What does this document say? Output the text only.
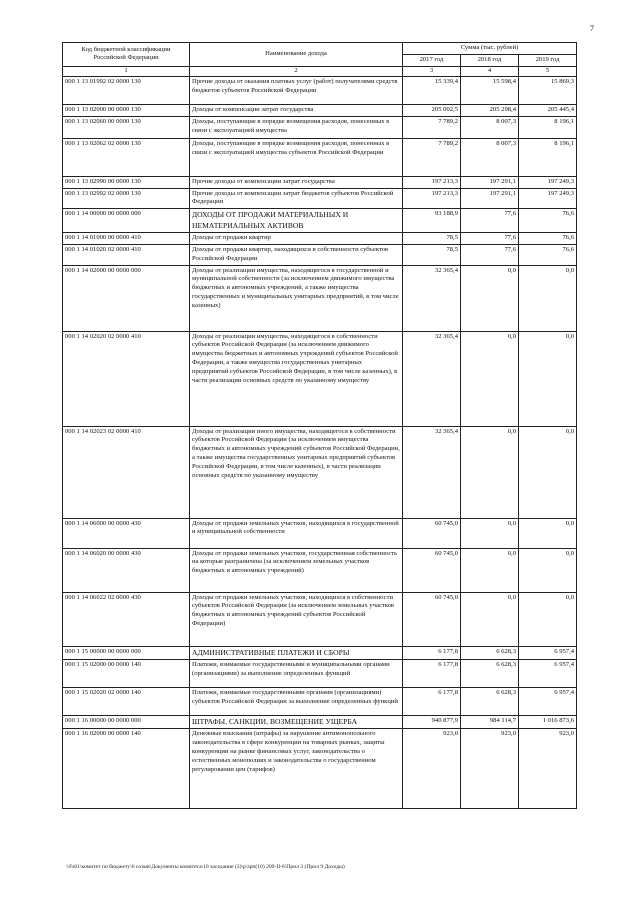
7
Код бюджетной классификации Российской Федерации	Наименование дохода	Сумма (тыс. рублей)		
		2017 год	2018 год	2019 год
1	2	3	4	5
000 1 13 01992 02 0000 130	Прочие доходы от оказания платных услуг (работ) получателями средств бюджетов субъектов Российской Федерации	15 339,4	15 598,4	15 869,3
000 1 13 02000 00 0000 130	Доходы от компенсации затрат государства	205 002,5	205 298,4	205 445,4
000 1 13 02060 00 0000 130	Доходы, поступающие в порядке возмещения расходов, понесенных в связи с эксплуатацией имущества	7 789,2	8 007,3	8 196,1
000 1 13 02062 02 0000 130	Доходы, поступающие в порядке возмещения расходов, понесенных в связи с эксплуатацией имущества субъектов Российской Федерации	7 789,2	8 007,3	8 196,1
000 1 13 02990 00 0000 130	Прочие доходы от компенсации затрат государства	197 213,3	197 291,1	197 249,3
000 1 13 02992 02 0000 130	Прочие доходы от компенсации затрат бюджетов субъектов Российской Федерации	197 213,3	197 291,1	197 249,3
000 1 14 00000 00 0000 000	ДОХОДЫ ОТ ПРОДАЖИ МАТЕРИАЛЬНЫХ И НЕМАТЕРИАЛЬНЫХ АКТИВОВ	93 188,9	77,6	76,6
000 1 14 01000 00 0000 410	Доходы от продажи квартир	78,5	77,6	76,6
000 1 14 01020 02 0000 410	Доходы от продажи квартир, находящихся в собственности субъектов Российской Федерации	78,5	77,6	76,6
000 1 14 02000 00 0000 000	Доходы от реализации имущества, находящегося в государственной и муниципальной собственности (за исключением движимого имущества бюджетных и автономных учреждений, а также имущества государственных и муниципальных унитарных предприятий, в том числе казенных)	32 365,4	0,0	0,0
000 1 14 02020 02 0000 410	Доходы от реализации имущества, находящегося в собственности субъектов Российской Федерации (за исключением движимого имущества бюджетных и автономных учреждений субъектов Российской Федерации, а также имущества государственных унитарных предприятий субъектов Российской Федерации, в том числе казенных), в части реализации основных средств по указанному имуществу	32 365,4	0,0	0,0
000 1 14 02023 02 0000 410	Доходы от реализации иного имущества, находящегося в собственности субъектов Российской Федерации (за исключением имущества бюджетных и автономных учреждений субъектов Российской Федерации, а также имущества государственных унитарных предприятий субъектов Российской Федерации, в том числе казенных), в части реализации основных средств по указанному имуществу	32 365,4	0,0	0,0
000 1 14 06000 00 0000 430	Доходы от продажи земельных участков, находящихся в государственной и муниципальной собственности	60 745,0	0,0	0,0
000 1 14 06020 00 0000 430	Доходы от продажи земельных участков, государственная собственность на которые разграничена (за исключением земельных участков бюджетных и автономных учреждений)	60 745,0	0,0	0,0
000 1 14 06022 02 0000 430	Доходы от продажи земельных участков, находящихся в собственности субъектов Российской Федерации (за исключением земельных участков бюджетных и автономных учреждений субъектов Российской Федерации)	60 745,0	0,0	0,0
000 1 15 00000 00 0000 000	АДМИНИСТРАТИВНЫЕ ПЛАТЕЖИ И СБОРЫ	6 177,8	6 628,3	6 957,4
000 1 15 02000 00 0000 140	Платежи, взимаемые государственными и муниципальными органами (организациями) за выполнение определенных функций	6 177,8	6 628,3	6 957,4
000 1 15 02020 02 0000 140	Платежи, взимаемые государственными органами (организациями) субъектов Российской Федерации за выполнение определенных функций	6 177,8	6 628,3	6 957,4
000 1 16 00000 00 0000 000	ШТРАФЫ, САНКЦИИ, ВОЗМЕЩЕНИЕ УЩЕРБА	940 877,9	984 114,7	1 016 873,6
000 1 16 02000 00 0000 140	Денежные взыскания (штрафы) за нарушение антимонопольного законодательства в сфере конкуренции на товарных рынках, защиты конкуренции на рынке финансовых услуг, законодательства о естественных монополиях и законодательства о государственном регулировании цен (тарифов)	923,0	923,0	923,0
\\Fs01\комитет по бюджету\6 созыв\Документы комитета\10 заседание (3)\р\зрп(10) 209-II-6\Прил 3 (Прил 9 Доходы)
